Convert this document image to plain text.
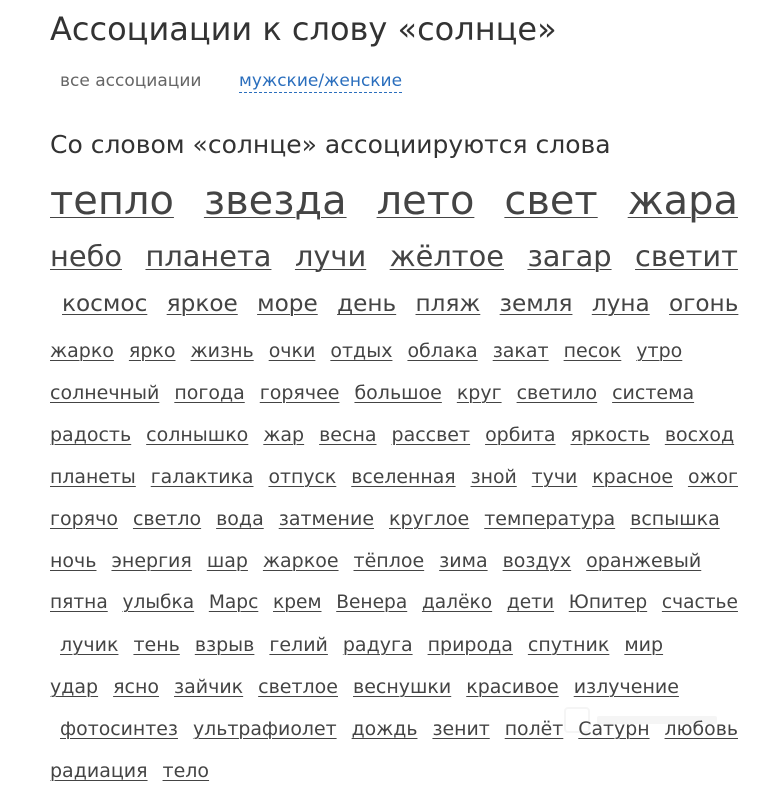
Ассоциации к слову «солнце»
все ассоциации мужские/женские
Со словом «солнце» ассоциируются слова
тепло звезда лето свет жара
небо планета лучи жёлтое загар светит
космос яркое море день пляж земля луна огонь
жарко ярко жизнь очки отдых облака закат песок утро
солнечный погода горячее большое круг светило система
радость солнышко жар весна рассвет орбита яркость восход
планеты галактика отпуск вселенная зной тучи красное ожог
горячо светло вода затмение круглое температура вспышка
ночь энергия шар жаркое тёплое зима воздух оранжевый
пятна улыбка Марс крем Венера далёко дети Юпитер счастье
лучик тень взрыв гелий радуга природа спутник мир
удар ясно зайчик светлое веснушки красивое излучение
фотосинтез ультрафиолет дождь зенит полёт Сатурн любовь
радиация тело
